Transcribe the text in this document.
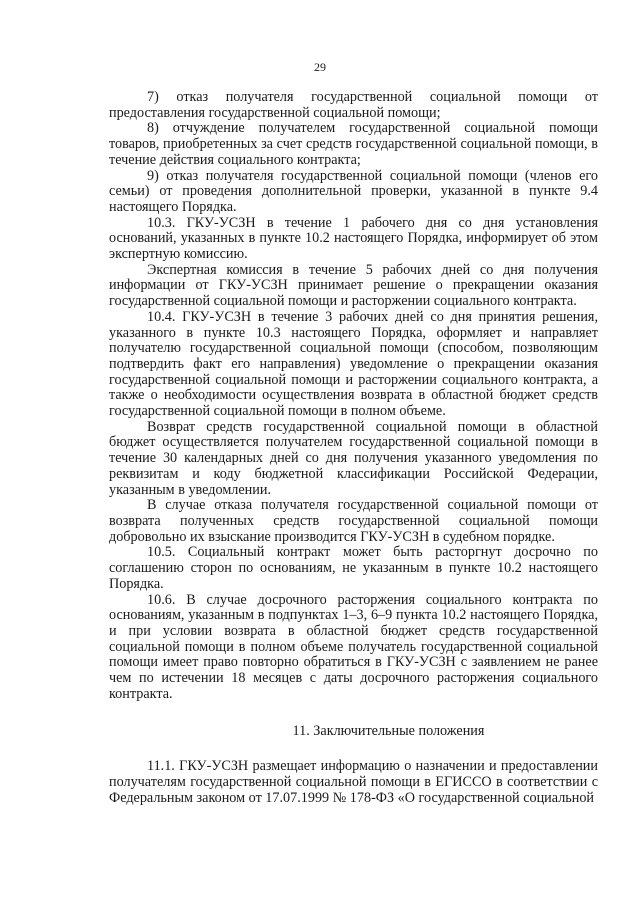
29

7) отказ получателя государственной социальной помощи от предоставления государственной социальной помощи;

8) отчуждение получателем государственной социальной помощи товаров, приобретенных за счет средств государственной социальной помощи, в течение действия социального контракта;

9) отказ получателя государственной социальной помощи (членов его семьи) от проведения дополнительной проверки, указанной в пункте 9.4 настоящего Порядка.

10.3. ГКУ-УСЗН в течение 1 рабочего дня со дня установления оснований, указанных в пункте 10.2 настоящего Порядка, информирует об этом экспертную комиссию.

Экспертная комиссия в течение 5 рабочих дней со дня получения информации от ГКУ-УСЗН принимает решение о прекращении оказания государственной социальной помощи и расторжении социального контракта.

10.4. ГКУ-УСЗН в течение 3 рабочих дней со дня принятия решения, указанного в пункте 10.3 настоящего Порядка, оформляет и направляет получателю государственной социальной помощи (способом, позволяющим подтвердить факт его направления) уведомление о прекращении оказания государственной социальной помощи и расторжении социального контракта, а также о необходимости осуществления возврата в областной бюджет средств государственной социальной помощи в полном объеме.

Возврат средств государственной социальной помощи в областной бюджет осуществляется получателем государственной социальной помощи в течение 30 календарных дней со дня получения указанного уведомления по реквизитам и коду бюджетной классификации Российской Федерации, указанным в уведомлении.

В случае отказа получателя государственной социальной помощи от возврата полученных средств государственной социальной помощи добровольно их взыскание производится ГКУ-УСЗН в судебном порядке.

10.5. Социальный контракт может быть расторгнут досрочно по соглашению сторон по основаниям, не указанным в пункте 10.2 настоящего Порядка.

10.6. В случае досрочного расторжения социального контракта по основаниям, указанным в подпунктах 1–3, 6–9 пункта 10.2 настоящего Порядка, и при условии возврата в областной бюджет средств государственной социальной помощи в полном объеме получатель государственной социальной помощи имеет право повторно обратиться в ГКУ-УСЗН с заявлением не ранее чем по истечении 18 месяцев с даты досрочного расторжения социального контракта.

11. Заключительные положения

11.1. ГКУ-УСЗН размещает информацию о назначении и предоставлении получателям государственной социальной помощи в ЕГИССО в соответствии с Федеральным законом от 17.07.1999 № 178-ФЗ «О государственной социальной
